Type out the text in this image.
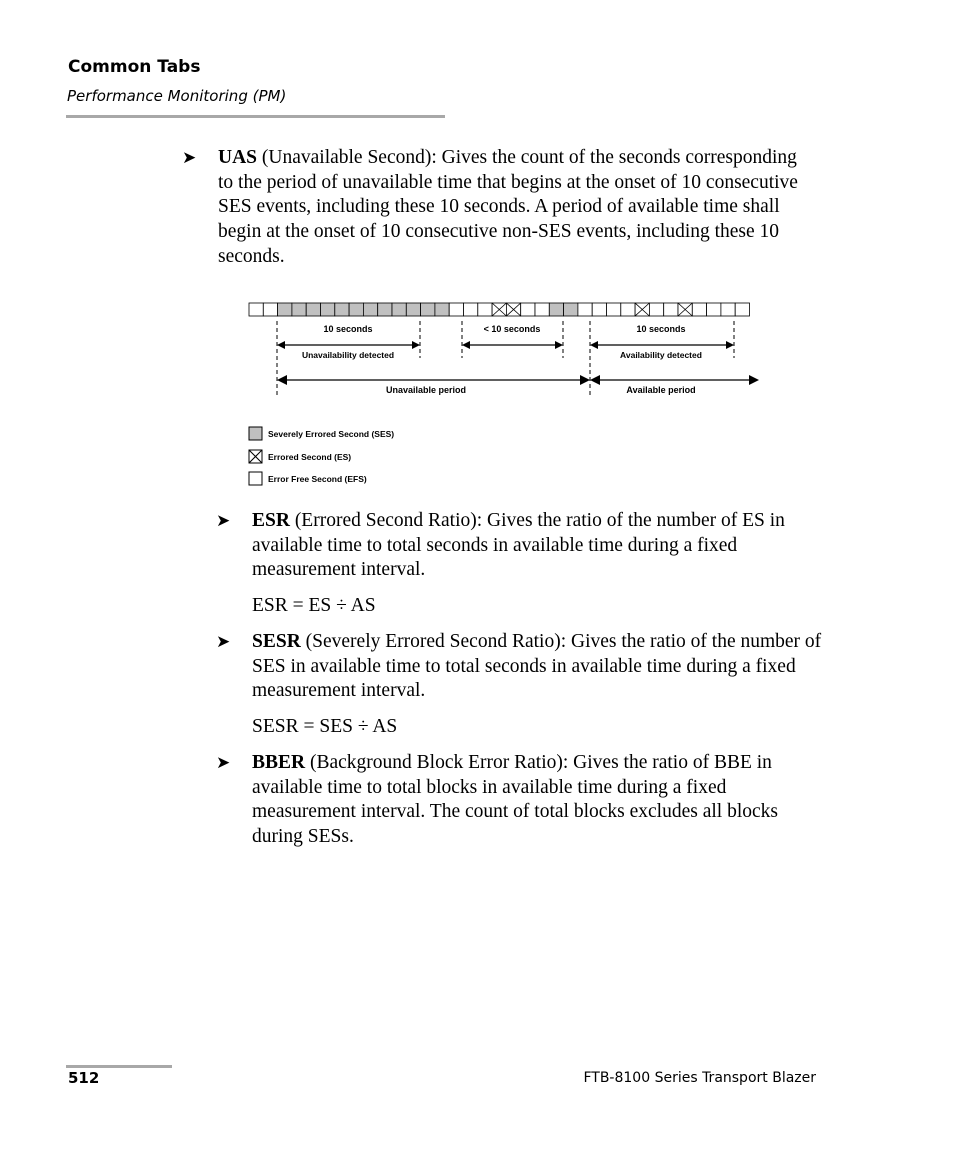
Common Tabs
Performance Monitoring (PM)
➤ UAS (Unavailable Second): Gives the count of the seconds corresponding to the period of unavailable time that begins at the onset of 10 consecutive SES events, including these 10 seconds. A period of available time shall begin at the onset of 10 consecutive non-SES events, including these 10 seconds.
10 seconds	< 10 seconds	10 seconds
Unavailability detected	Availability detected
Unavailable period	Available period
Severely Errored Second (SES)
Errored Second (ES)
Error Free Second (EFS)
➤ ESR (Errored Second Ratio): Gives the ratio of the number of ES in available time to total seconds in available time during a fixed measurement interval.
ESR = ES ÷ AS
➤ SESR (Severely Errored Second Ratio): Gives the ratio of the number of SES in available time to total seconds in available time during a fixed measurement interval.
SESR = SES ÷ AS
➤ BBER (Background Block Error Ratio): Gives the ratio of BBE in available time to total blocks in available time during a fixed measurement interval. The count of total blocks excludes all blocks during SESs.
512	FTB-8100 Series Transport Blazer
